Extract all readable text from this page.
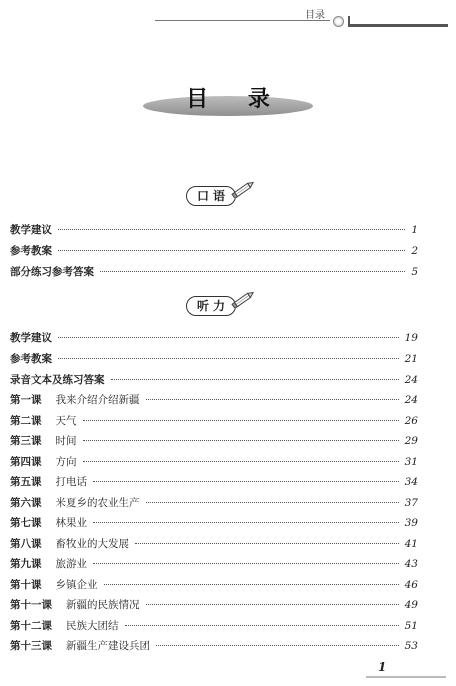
目录
目 录
口语
听力
教学建议	1
参考教案	2
部分练习参考答案	5
教学建议	19
参考教案	21
录音文本及练习答案	24
第一课 我来介绍介绍新疆	24
第二课 天气	26
第三课 时间	29
第四课 方向	31
第五课 打电话	34
第六课 米夏乡的农业生产	37
第七课 林果业	39
第八课 畜牧业的大发展	41
第九课 旅游业	43
第十课 乡镇企业	46
第十一课 新疆的民族情况	49
第十二课 民族大团结	51
第十三课 新疆生产建设兵团	53
1
